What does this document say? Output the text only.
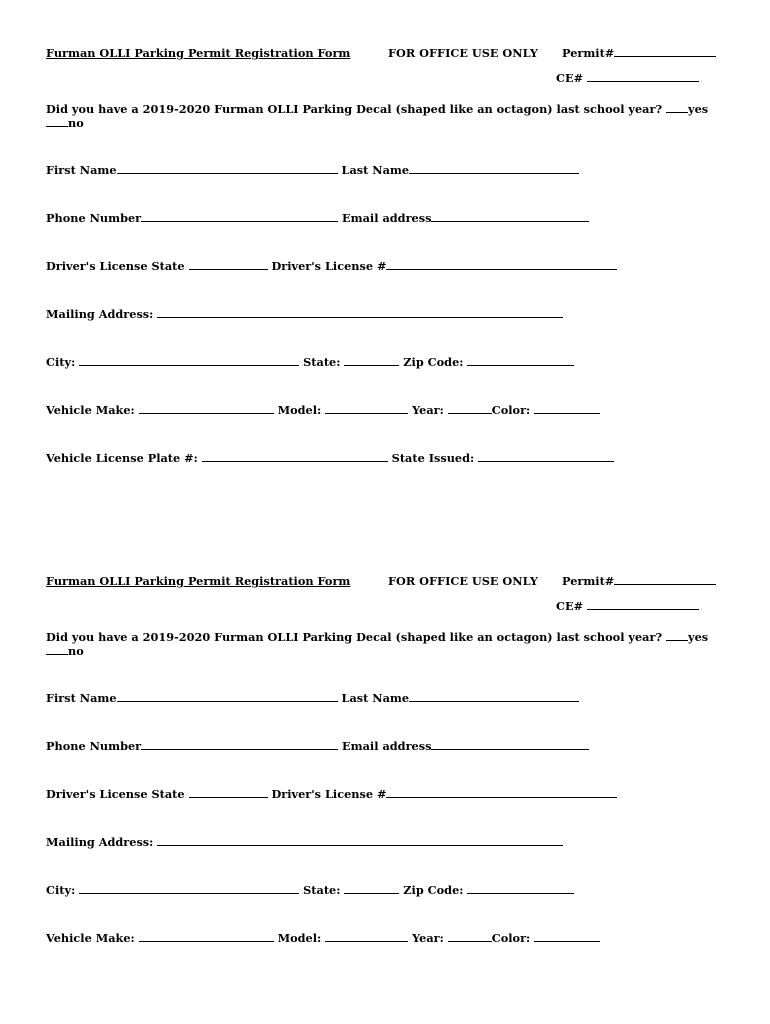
Furman OLLI Parking Permit Registration Form	FOR OFFICE USE ONLY Permit#
CE#
Did you have a 2019-2020 Furman OLLI Parking Decal (shaped like an octagon) last school year? yes
no
First Name	Last Name
Phone Number	Email address
Driver's License State	Driver's License #
Mailing Address:
City:	State:	Zip Code:
Vehicle Make:	Model:	Year:	Color:
Vehicle License Plate #:	State Issued:
Furman OLLI Parking Permit Registration Form	FOR OFFICE USE ONLY Permit#
CE#
Did you have a 2019-2020 Furman OLLI Parking Decal (shaped like an octagon) last school year? yes
no
First Name	Last Name
Phone Number	Email address
Driver's License State	Driver's License #
Mailing Address:
City:	State:	Zip Code:
Vehicle Make:	Model:	Year:	Color:
